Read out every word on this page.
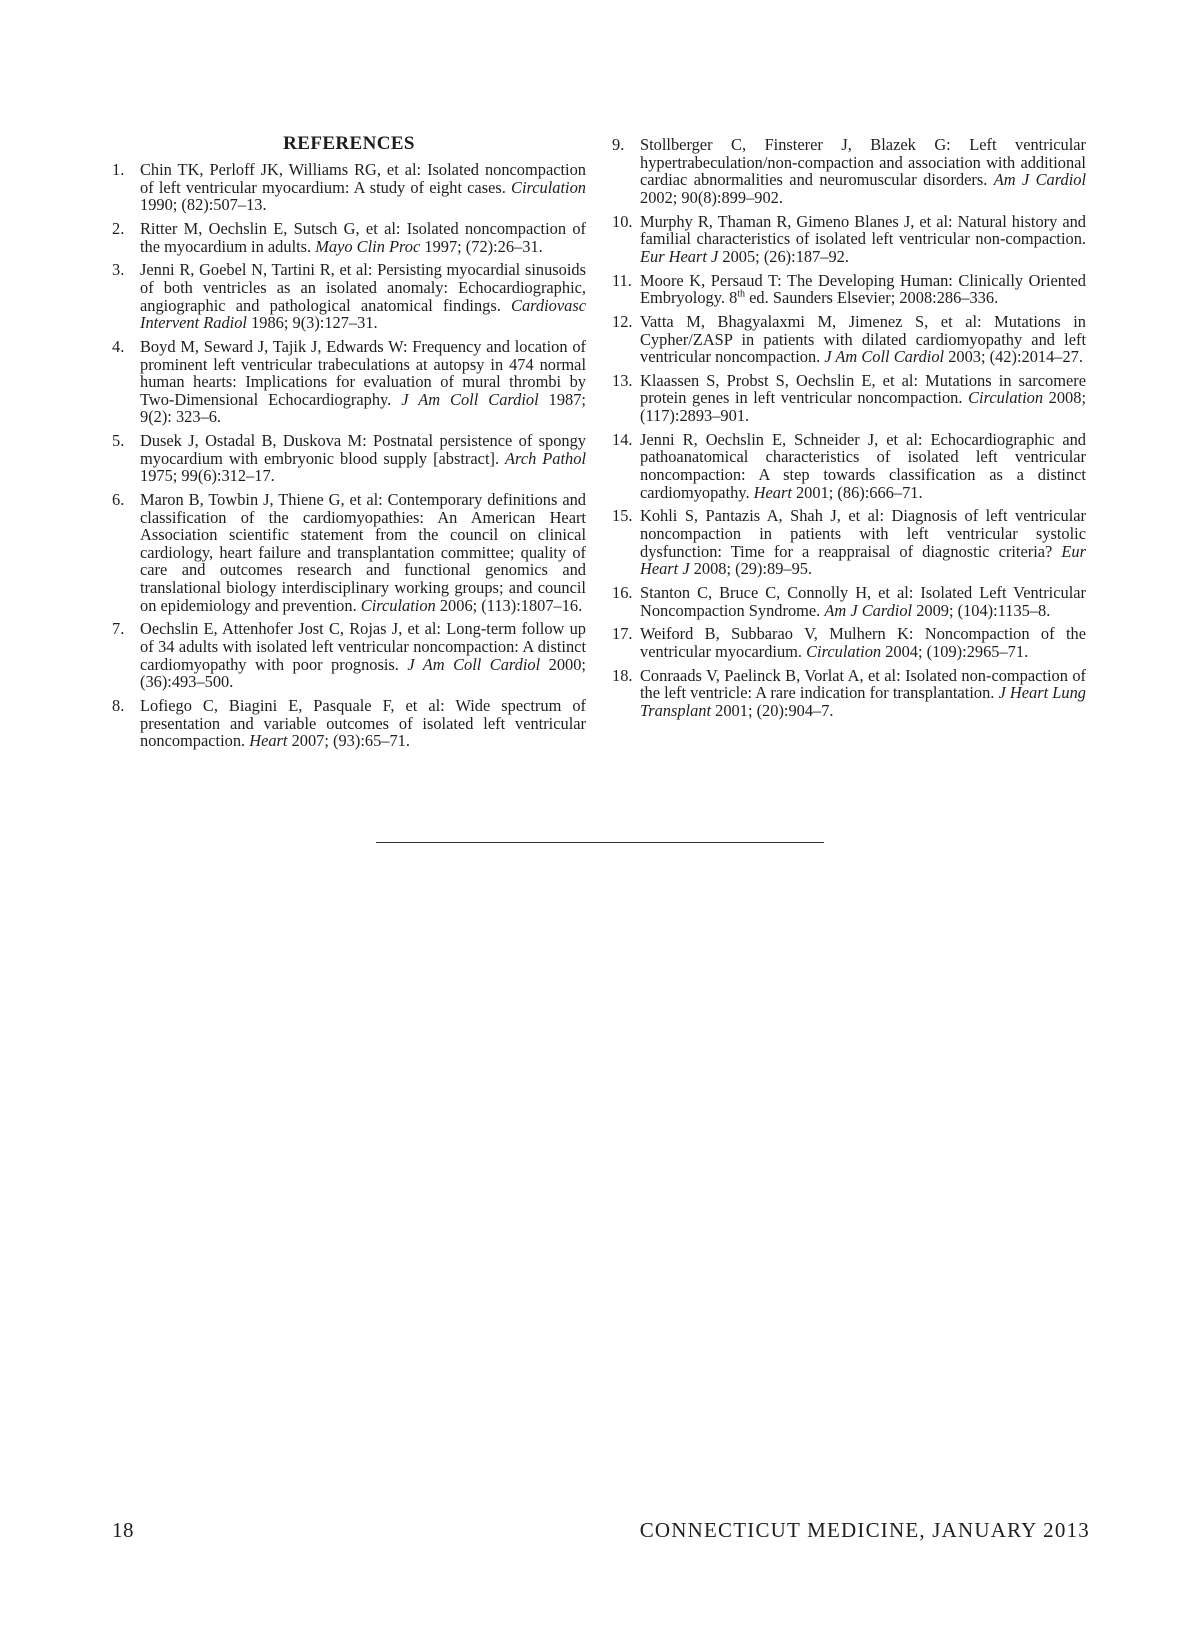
REFERENCES
1. Chin TK, Perloff JK, Williams RG, et al: Isolated noncompaction of left ventricular myocardium: A study of eight cases. Circulation 1990; (82):507–13.
2. Ritter M, Oechslin E, Sutsch G, et al: Isolated noncompaction of the myocardium in adults. Mayo Clin Proc 1997; (72):26–31.
3. Jenni R, Goebel N, Tartini R, et al: Persisting myocardial sinusoids of both ventricles as an isolated anomaly: Echocardiographic, angiographic and pathological anatomical findings. Cardiovasc Intervent Radiol 1986; 9(3):127–31.
4. Boyd M, Seward J, Tajik J, Edwards W: Frequency and location of prominent left ventricular trabeculations at autopsy in 474 normal human hearts: Implications for evaluation of mural thrombi by Two-Dimensional Echocardiography. J Am Coll Cardiol 1987; 9(2): 323–6.
5. Dusek J, Ostadal B, Duskova M: Postnatal persistence of spongy myocardium with embryonic blood supply [abstract]. Arch Pathol 1975; 99(6):312–17.
6. Maron B, Towbin J, Thiene G, et al: Contemporary definitions and classification of the cardiomyopathies: An American Heart Association scientific statement from the council on clinical cardiology, heart failure and transplantation committee; quality of care and outcomes research and functional genomics and translational biology interdisciplinary working groups; and council on epidemiology and prevention. Circulation 2006; (113):1807–16.
7. Oechslin E, Attenhofer Jost C, Rojas J, et al: Long-term follow up of 34 adults with isolated left ventricular noncompaction: A distinct cardiomyopathy with poor prognosis. J Am Coll Cardiol 2000; (36):493–500.
8. Lofiego C, Biagini E, Pasquale F, et al: Wide spectrum of presentation and variable outcomes of isolated left ventricular noncompaction. Heart 2007; (93):65–71.
9. Stollberger C, Finsterer J, Blazek G: Left ventricular hypertrabeculation/non-compaction and association with additional cardiac abnormalities and neuromuscular disorders. Am J Cardiol 2002; 90(8):899–902.
10. Murphy R, Thaman R, Gimeno Blanes J, et al: Natural history and familial characteristics of isolated left ventricular non-compaction. Eur Heart J 2005; (26):187–92.
11. Moore K, Persaud T: The Developing Human: Clinically Oriented Embryology. 8th ed. Saunders Elsevier; 2008:286–336.
12. Vatta M, Bhagyalaxmi M, Jimenez S, et al: Mutations in Cypher/ZASP in patients with dilated cardiomyopathy and left ventricular noncompaction. J Am Coll Cardiol 2003; (42):2014–27.
13. Klaassen S, Probst S, Oechslin E, et al: Mutations in sarcomere protein genes in left ventricular noncompaction. Circulation 2008; (117):2893–901.
14. Jenni R, Oechslin E, Schneider J, et al: Echocardiographic and pathoanatomical characteristics of isolated left ventricular noncompaction: A step towards classification as a distinct cardiomyopathy. Heart 2001; (86):666–71.
15. Kohli S, Pantazis A, Shah J, et al: Diagnosis of left ventricular noncompaction in patients with left ventricular systolic dysfunction: Time for a reappraisal of diagnostic criteria? Eur Heart J 2008; (29):89–95.
16. Stanton C, Bruce C, Connolly H, et al: Isolated Left Ventricular Noncompaction Syndrome. Am J Cardiol 2009; (104):1135–8.
17. Weiford B, Subbarao V, Mulhern K: Noncompaction of the ventricular myocardium. Circulation 2004; (109):2965–71.
18. Conraads V, Paelinck B, Vorlat A, et al: Isolated non-compaction of the left ventricle: A rare indication for transplantation. J Heart Lung Transplant 2001; (20):904–7.
18	CONNECTICUT MEDICINE, JANUARY 2013
